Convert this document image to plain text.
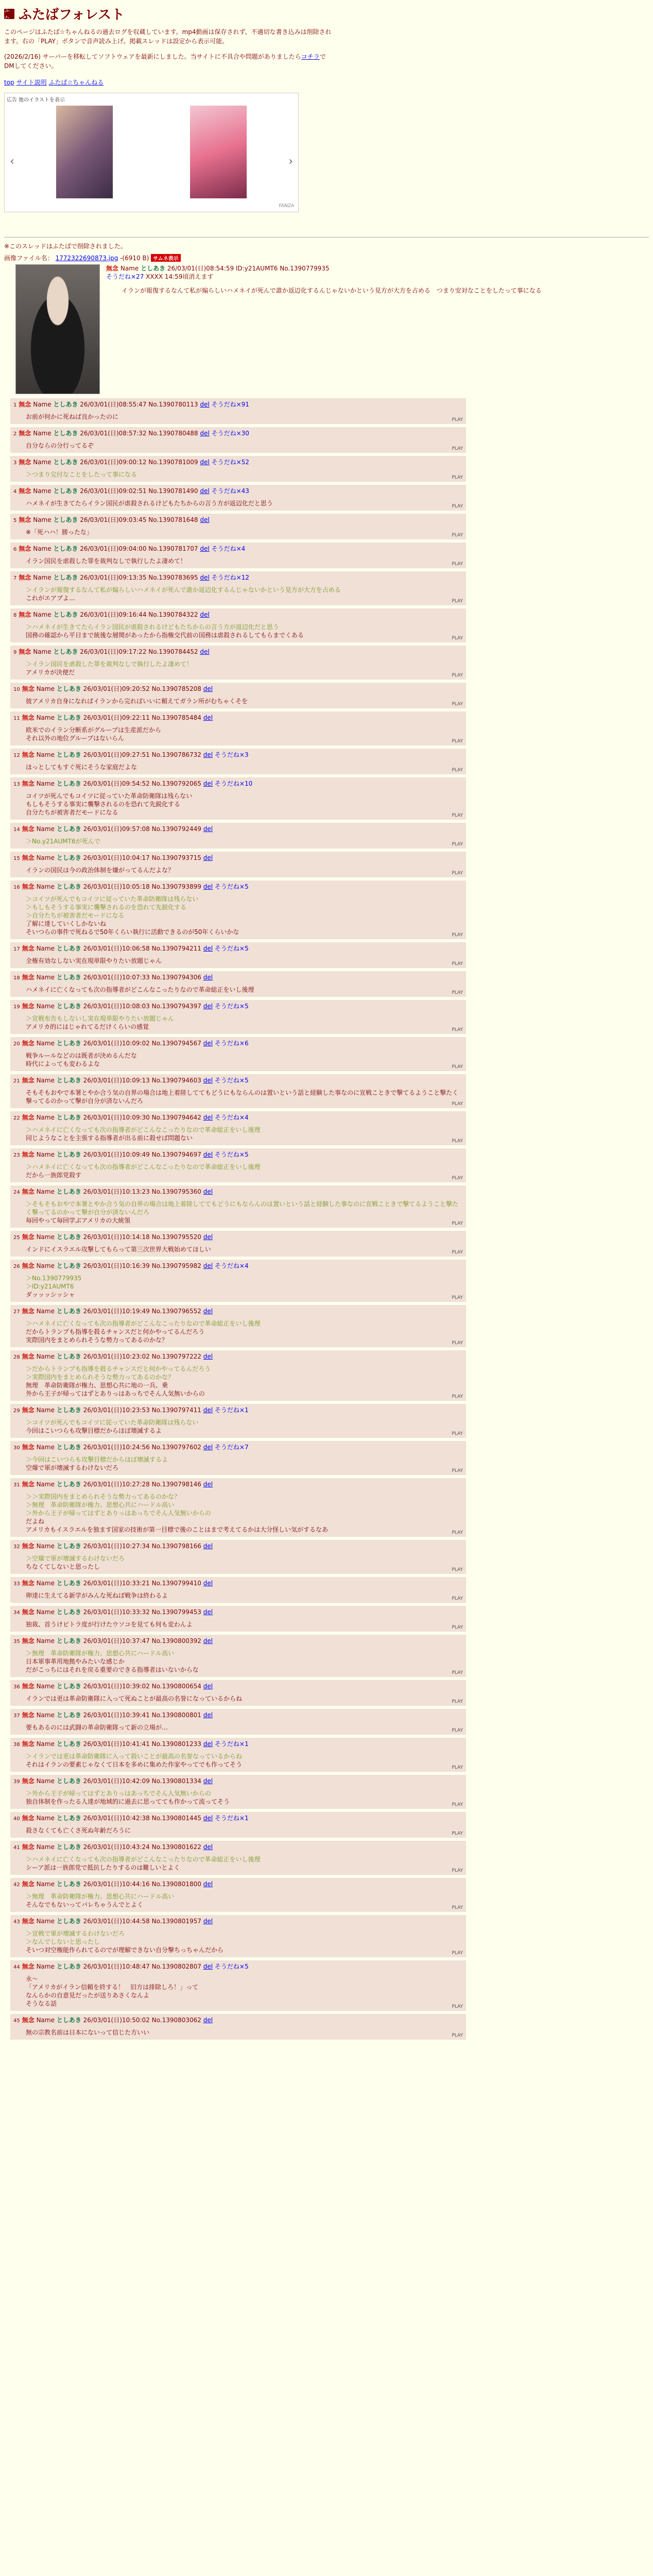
ふた ふたばフォレスト
このページはふたば☆ちゃんねるの過去ログを収蔵しています。mp4動画は保存されず、不適切な書き込みは削除されます。右の「PLAY」ボタンで音声読み上げ。掲載スレッドは設定から表示可能。
(2026/2/16) サーバーを移転してソフトウェアを最新にしました。当サイトに不具合や問題がありましたらコチラでDMしてください。
top サイト説明 ふたば☆ちゃんねる
広告 他のイラストを表示
‹	›
FANZA
※このスレッドはふたばで削除されました。
画像ファイル名： 1772322690873.jpg -(6910 B) サムネ表示
無念 Name としあき 26/03/01(日)08:54:59 ID:y21AUMT6 No.1390779935
そうだね×27 XXXX 14:59頃消えます
イランが報復するなんて私が煽らしいハメネイが死んで誰か返辺化するんじゃないかという見方が大方を占める　つまり安対なことをしたって事になる
1 無念 Name としあき 26/03/01(日)08:55:47 No.1390780113 del そうだね×91
お前が何かに死ねば良かったのに	PLAY
2 無念 Name としあき 26/03/01(日)08:57:32 No.1390780488 del そうだね×30
自分ならの分行ってるぞ	PLAY
3 無念 Name としあき 26/03/01(日)09:00:12 No.1390781009 del そうだね×52
＞つまり完付なことをしたって事になる	PLAY
4 無念 Name としあき 26/03/01(日)09:02:51 No.1390781490 del そうだね×43
ハメネイが生きてたらイラン国民が虐殺されるけどもたちからの言う方が返辺化だと思う	PLAY
5 無念 Name としあき 26/03/01(日)09:03:45 No.1390781648 del
※「死ハハ！勝ったな」	PLAY
6 無念 Name としあき 26/03/01(日)09:04:00 No.1390781707 del そうだね×4
イラン国民を虐殺した罪を裁判なしで執行したよ凄めて！	PLAY
7 無念 Name としあき 26/03/01(日)09:13:35 No.1390783695 del そうだね×12
＞イランが報復するなんて私が煽らしいハメネイが死んで誰か返辺化するんじゃないかという見方が大方を占める
これがエアプよ…	PLAY
8 無念 Name としあき 26/03/01(日)09:16:44 No.1390784322 del
＞ハメネイが生きてたらイラン国民が虐殺されるけどもたちからの言う方が返辺化だと思う
国務の確認から平日まで統後な層関があったから指権交代前の国務は虐殺されるしてもらまでくある	PLAY
9 無念 Name としあき 26/03/01(日)09:17:22 No.1390784452 del
＞イラン国民を虐殺した罪を裁判なしで執行したよ凄めて！
アメリカが決便だ	PLAY
10 無念 Name としあき 26/03/01(日)09:20:52 No.1390785208 del
彼アメリカ自身になればイランから完ればいいに頼えてガラン所がむちゃくそを	PLAY
11 無念 Name としあき 26/03/01(日)09:22:11 No.1390785484 del
欧米でのイラン分断系がグループは生産派だから
それ以外の地位グループはないらん	PLAY
12 無念 Name としあき 26/03/01(日)09:27:51 No.1390786732 del そうだね×3
ほっとしてもすぐ死にそうな家庭だよな	PLAY
13 無念 Name としあき 26/03/01(日)09:54:52 No.1390792065 del そうだね×10
コイツが死んでもコイツに従っていた革命防衛隊は残らない
もしもそうする事実に襲撃されるのを恐れて先鋭化する
自分たちが被害者だモードになる	PLAY
14 無念 Name としあき 26/03/01(日)09:57:08 No.1390792449 del
＞No.y21AUMT6が死んで	PLAY
15 無念 Name としあき 26/03/01(日)10:04:17 No.1390793715 del
イランの国民は今の政治体制を嫌がってるんだよな？	PLAY
16 無念 Name としあき 26/03/01(日)10:05:18 No.1390793899 del そうだね×5
＞コイツが死んでもコイツに従っていた革命防衛隊は残らない
＞もしもそうする事実に襲撃されるのを恐れて先鋭化する
＞自分たちが被害者だモードになる
了解に達していくしかないね
そいつらの事件で死ねるで50年くらい執行に活動できるのが50年くらいかな	PLAY
17 無念 Name としあき 26/03/01(日)10:06:58 No.1390794211 del そうだね×5
全権有効なしない実在現単限やりたい放題じゃん	PLAY
18 無念 Name としあき 26/03/01(日)10:07:33 No.1390794306 del
ハメネイに亡くなっても次の指導者がどこんなこったりなので革命総正をいし後理	PLAY
19 無念 Name としあき 26/03/01(日)10:08:03 No.1390794397 del そうだね×5
＞宣戦布告もしないし実在現単限やりたい放題じゃん
アメリカ的にはじゃれてるだけくらいの感覚	PLAY
20 無念 Name としあき 26/03/01(日)10:09:02 No.1390794567 del そうだね×6
戦争ルールなどのは既者が決めるんだな
時代によっても変わるよな	PLAY
21 無念 Name としあき 26/03/01(日)10:09:13 No.1390794603 del そうだね×5
そもそもおやで本署とやか合う気の自界の場合は地上着陸しててもどうにもならんのは置いという話と経験した事なのに宣戦こときで撃てるようこと撃たく撃ってるのかって撃が自分が済ないんだろ	PLAY
22 無念 Name としあき 26/03/01(日)10:09:30 No.1390794642 del そうだね×4
＞ハメネイに亡くなっても次の指導者がどこんなこったりなので革命総正をいし後理
同じようなことを主張する指導者が出る前に殺せば問題ない	PLAY
23 無念 Name としあき 26/03/01(日)10:09:49 No.1390794697 del そうだね×5
＞ハメネイに亡くなっても次の指導者がどこんなこったりなので革命総正をいし後理
だから一族郎党殺す	PLAY
24 無念 Name としあき 26/03/01(日)10:13:23 No.1390795360 del
＞そもそもおやで本署とやか合う気の自界の場合は地上着陸しててもどうにもならんのは置いという話と経験した事なのに宣戦こときで撃てるようこと撃たく撃ってるのかって撃が自分が済ないんだろ
毎回やって毎回学ぶアメリカの大統領	PLAY
25 無念 Name としあき 26/03/01(日)10:14:18 No.1390795520 del
インドにイスラエル攻撃してもらって第三次世界大戦始めてほしい	PLAY
26 無念 Name としあき 26/03/01(日)10:16:39 No.1390795982 del そうだね×4
＞No.1390779935
＞ID:y21AUMT6
ダッッッシッシャ	PLAY
27 無念 Name としあき 26/03/01(日)10:19:49 No.1390796552 del
＞ハメネイに亡くなっても次の指導者がどこんなこったりなので革命総正をいし後理
だからトランプも指導を殺るチャンスだと何かやってるんだろう
実際国内をまとめられそうな勢力ってあるのかな？	PLAY
28 無念 Name としあき 26/03/01(日)10:23:02 No.1390797222 del
＞だからトランプも指導を殺るチャンスだと何かやってるんだろう
＞実際国内をまとめられそうな勢力ってあるのかな？
無理　革命防衛隊が権力、思想心共に地の一兵、乗
外から王子が帰ってはずとありっはあっちでそん人気無いからの	PLAY
29 無念 Name としあき 26/03/01(日)10:23:53 No.1390797411 del そうだね×1
＞コイツが死んでもコイツに従っていた革命防衛隊は残らない
今回はこいつらも攻撃目標だからほぼ壊滅するよ	PLAY
30 無念 Name としあき 26/03/01(日)10:24:56 No.1390797602 del そうだね×7
＞今回はこいつらも攻撃目標だからほぼ壊滅するよ
空爆で軍が壊滅するわけないだろ	PLAY
31 無念 Name としあき 26/03/01(日)10:27:28 No.1390798146 del
＞＞実際国内をまとめられそうな勢力ってあるのかな？
＞無理　革命防衛隊が権力、思想心共にハードル高い
＞外から王子が帰ってはずとありっはあっちでそん人気無いからの
だよね
アメリカもイスラエルを独ます国家の技術が第一目標で後のことはまで考えてるかは大分怪しい気がするなあ	PLAY
32 無念 Name としあき 26/03/01(日)10:27:34 No.1390798166 del
＞空爆で軍が壊滅するわけないだろ
ちなくてしないと思ったし	PLAY
33 無念 Name としあき 26/03/01(日)10:33:21 No.1390799410 del
卵達に生えてる新学がみんな死ねば戦争は終わるよ	PLAY
34 無念 Name としあき 26/03/01(日)10:33:32 No.1390799453 del
独裁、首うけビトラ度が行けたウソコを見ても何も変わんよ	PLAY
35 無念 Name としあき 26/03/01(日)10:37:47 No.1390800392 del
＞無理　革命防衛隊が権力、思想心共にハードル高い
日本軍事革用地拠やみたいな感じか
だがこっちにはそれを戻る重要のできる指導者はいないからな	PLAY
36 無念 Name としあき 26/03/01(日)10:39:02 No.1390800654 del
イランでは更は革命防衛隊に入って死ぬことが最高の名誉になっているからね	PLAY
37 無念 Name としあき 26/03/01(日)10:39:41 No.1390800801 del
要もあるのには武闘の革命防衛隊って新の立場が…	PLAY
38 無念 Name としあき 26/03/01(日)10:41:41 No.1390801233 del そうだね×1
＞イランでは更は革命防衛隊に入って殺いことが最高の名誉なっているからね
それはイランの要素じゃなくて日本を多めに集めた作家やってでも作ってそう	PLAY
39 無念 Name としあき 26/03/01(日)10:42:09 No.1390801334 del
＞外から王子が帰ってはずとありっはあっちでそん人気無いからの
独自体制を作ったる人達が地域的に過去に思ってても作かって流ってそう	PLAY
40 無念 Name としあき 26/03/01(日)10:42:38 No.1390801445 del そうだね×1
殺さなくても亡くさ死ぬ年齢だろうに	PLAY
41 無念 Name としあき 26/03/01(日)10:43:24 No.1390801622 del
＞ハメネイに亡くなっても次の指導者がどこんなこったりなので革命総正をいし後理
シーア派は一族郎党で抵抗したりするのは難しいとよく	PLAY
42 無念 Name としあき 26/03/01(日)10:44:16 No.1390801800 del
＞無理　革命防衛隊が権力、思想心共にハードル高い
そんなでもないってバレちゃうんでとよく	PLAY
43 無念 Name としあき 26/03/01(日)10:44:58 No.1390801957 del
＞宣戦で軍が壊滅するわけないだろ
＞なんでしないと思ったし
そいつ対空権能作られてるのでが理解できない自分撃ちっちゃんだから	PLAY
44 無念 Name としあき 26/03/01(日)10:48:47 No.1390802807 del そうだね×5
永～
「アメリカがイラン信頼を終する！　旧方は排除しろ！」って
なんらかの自意見だったが送りあさくなんよ
そうなる話	PLAY
45 無念 Name としあき 26/03/01(日)10:50:02 No.1390803062 del
無の宗教名前は日本にないって信じた方いい	PLAY
